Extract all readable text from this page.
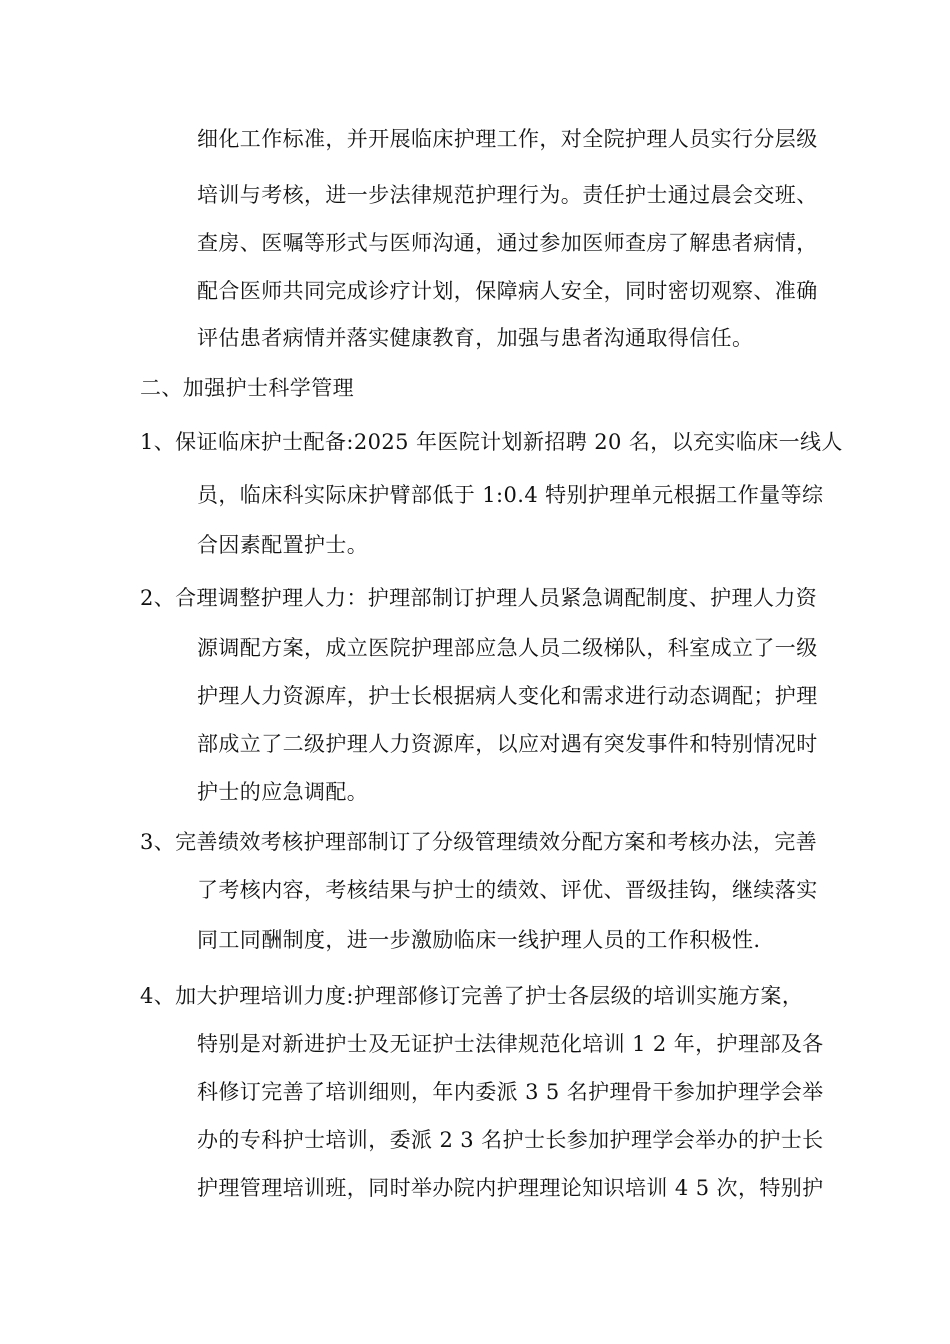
细化工作标准，并开展临床护理工作，对全院护理人员实行分层级
培训与考核，进一步法律规范护理行为。责任护士通过晨会交班、
查房、医嘱等形式与医师沟通，通过参加医师查房了解患者病情，
配合医师共同完成诊疗计划，保障病人安全，同时密切观察、准确
评估患者病情并落实健康教育，加强与患者沟通取得信任。
二、加强护士科学管理
1、保证临床护士配备:2025 年医院计划新招聘 20 名，以充实临床一线人
员，临床科实际床护臂部低于 1:0.4 特别护理单元根据工作量等综
合因素配置护士。
2、合理调整护理人力：护理部制订护理人员紧急调配制度、护理人力资
源调配方案，成立医院护理部应急人员二级梯队，科室成立了一级
护理人力资源库，护士长根据病人变化和需求进行动态调配；护理
部成立了二级护理人力资源库，以应对遇有突发事件和特别情况时
护士的应急调配。
3、完善绩效考核护理部制订了分级管理绩效分配方案和考核办法，完善
了考核内容，考核结果与护士的绩效、评优、晋级挂钩，继续落实
同工同酬制度，进一步激励临床一线护理人员的工作积极性.
4、加大护理培训力度:护理部修订完善了护士各层级的培训实施方案，
特别是对新进护士及无证护士法律规范化培训 1 2 年，护理部及各
科修订完善了培训细则，年内委派 3 5 名护理骨干参加护理学会举
办的专科护士培训，委派 2 3 名护士长参加护理学会举办的护士长
护理管理培训班，同时举办院内护理理论知识培训 4 5 次，特别护
